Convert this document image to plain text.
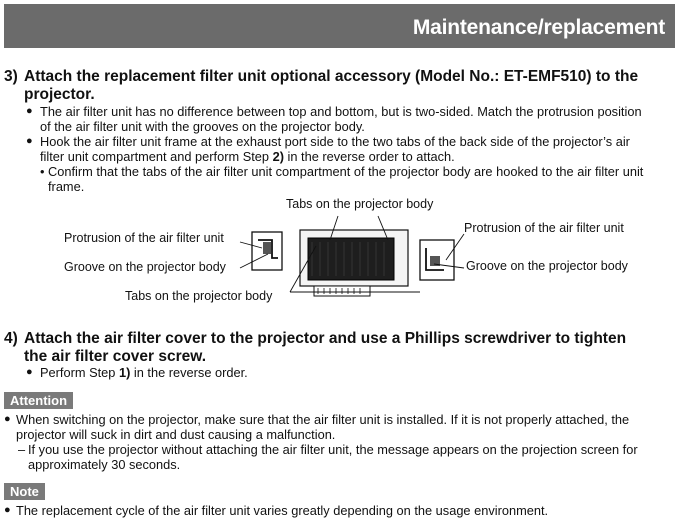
Maintenance/replacement
3) Attach the replacement filter unit optional accessory (Model No.: ET-EMF510) to the
projector.
● The air filter unit has no difference between top and bottom, but is two-sided. Match the protrusion position
of the air filter unit with the grooves on the projector body.
● Hook the air filter unit frame at the exhaust port side to the two tabs of the back side of the projector’s air
filter unit compartment and perform Step 2) in the reverse order to attach.
• Confirm that the tabs of the air filter unit compartment of the projector body are hooked to the air filter unit
frame.
Tabs on the projector body
Protrusion of the air filter unit
Groove on the projector body
Tabs on the projector body
Protrusion of the air filter unit
Groove on the projector body
4) Attach the air filter cover to the projector and use a Phillips screwdriver to tighten
the air filter cover screw.
● Perform Step 1) in the reverse order.
Attention
● When switching on the projector, make sure that the air filter unit is installed. If it is not properly attached, the
projector will suck in dirt and dust causing a malfunction.
– If you use the projector without attaching the air filter unit, the message appears on the projection screen for
approximately 30 seconds.
Note
● The replacement cycle of the air filter unit varies greatly depending on the usage environment.
